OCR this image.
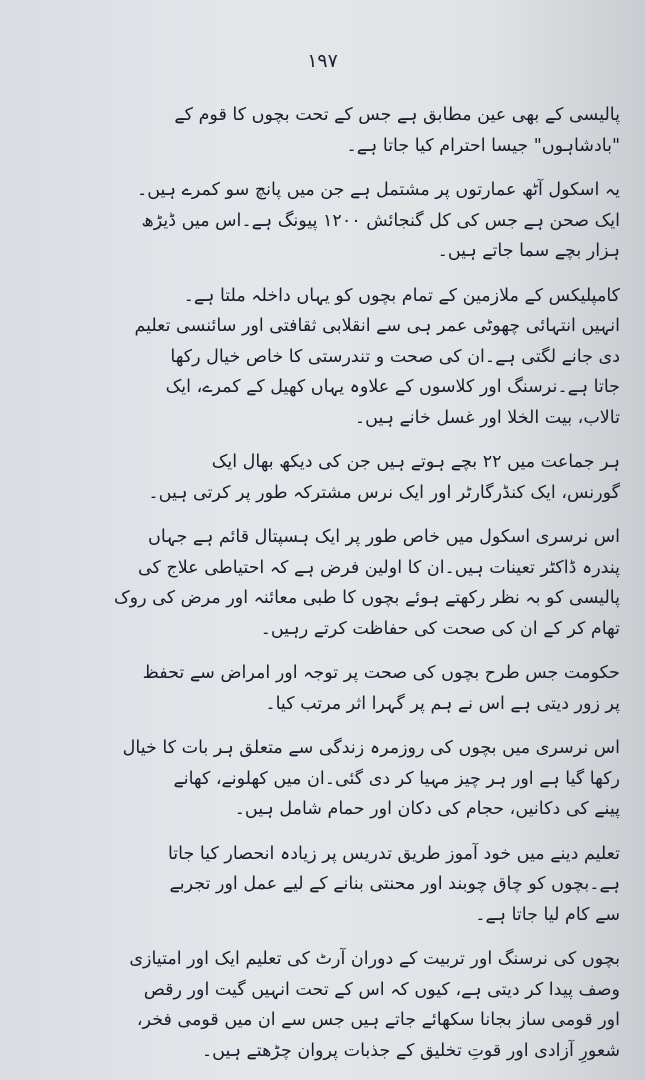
۱۹۷
پالیسی کے بھی عین مطابق ہے جس کے تحت بچوں کا قوم کے
"بادشاہوں" جیسا احترام کیا جاتا ہے۔
یہ اسکول آٹھ عمارتوں پر مشتمل ہے جن میں پانچ سو کمرے ہیں۔
ایک صحن ہے جس کی کل گنجائش ۱۲۰۰ پیونگ ہے۔اس میں ڈیڑھ
ہزار بچے سما جاتے ہیں۔
کامپلیکس کے ملازمین کے تمام بچوں کو یہاں داخلہ ملتا ہے۔
انہیں انتہائی چھوٹی عمر ہی سے انقلابی ثقافتی اور سائنسی تعلیم
دی جانے لگتی ہے۔ان کی صحت و تندرستی کا خاص خیال رکھا
جاتا ہے۔نرسنگ اور کلاسوں کے علاوہ یہاں کھیل کے کمرے، ایک
تالاب، بیت الخلا اور غسل خانے ہیں۔
ہر جماعت میں ۲۲ بچے ہوتے ہیں جن کی دیکھ بھال ایک
گورنس، ایک کنڈرگارٹر اور ایک نرس مشترکہ طور پر کرتی ہیں۔
اس نرسری اسکول میں خاص طور پر ایک ہسپتال قائم ہے جہاں
پندرہ ڈاکٹر تعینات ہیں۔ان کا اولین فرض ہے کہ احتیاطی علاج کی
پالیسی کو بہ نظر رکھتے ہوئے بچوں کا طبی معائنہ اور مرض کی روک
تھام کر کے ان کی صحت کی حفاظت کرتے رہیں۔
حکومت جس طرح بچوں کی صحت پر توجہ اور امراض سے تحفظ
پر زور دیتی ہے اس نے ہم پر گہرا اثر مرتب کیا۔
اس نرسری میں بچوں کی روزمرہ زندگی سے متعلق ہر بات کا خیال
رکھا گیا ہے اور ہر چیز مہیا کر دی گئی۔ان میں کھلونے، کھانے
پینے کی دکانیں، حجام کی دکان اور حمام شامل ہیں۔
تعلیم دینے میں خود آموز طریق تدریس پر زیادہ انحصار کیا جاتا
ہے۔بچوں کو چاق چوبند اور محنتی بنانے کے لیے عمل اور تجربے
سے کام لیا جاتا ہے۔
بچوں کی نرسنگ اور تربیت کے دوران آرٹ کی تعلیم ایک اور امتیازی
وصف پیدا کر دیتی ہے، کیوں کہ اس کے تحت انہیں گیت اور رقص
اور قومی ساز بجانا سکھائے جاتے ہیں جس سے ان میں قومی فخر،
شعورِ آزادی اور قوتِ تخلیق کے جذبات پروان چڑھتے ہیں۔
